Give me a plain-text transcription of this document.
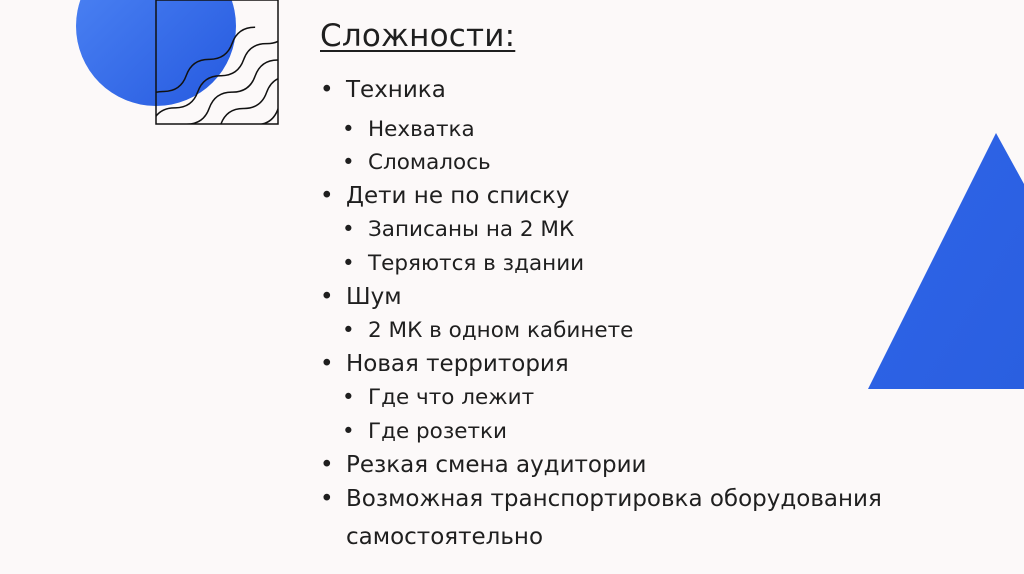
Сложности:
• Техника
• Нехватка
• Сломалось
• Дети не по списку
• Записаны на 2 МК
• Теряются в здании
• Шум
• 2 МК в одном кабинете
• Новая территория
• Где что лежит
• Где розетки
• Резкая смена аудитории
• Возможная транспортировка оборудования самостоятельно
